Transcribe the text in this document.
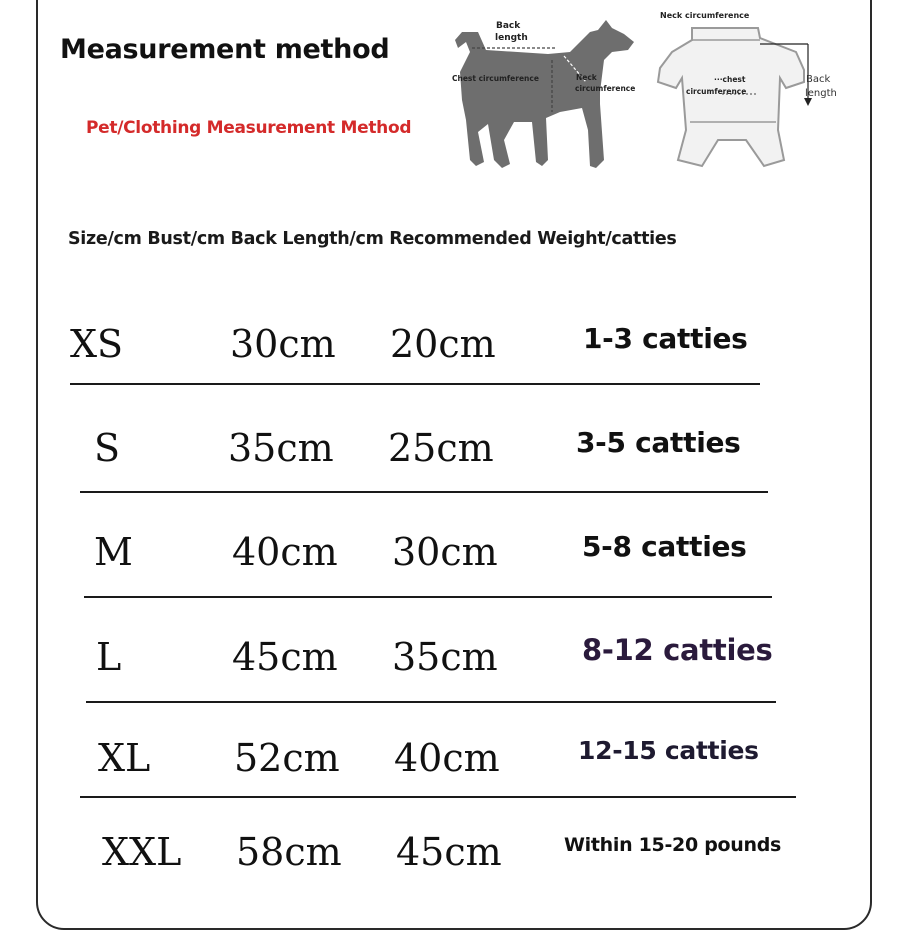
Measurement method
Pet/Clothing Measurement Method
Back
length
Chest circumference	Neck
circumference
Neck circumference
···chest
circumference
Back
length
Size/cm Bust/cm Back Length/cm Recommended Weight/catties
XS	30cm 20cm	1-3 catties
S	35cm 25cm	3-5 catties
M	40cm 30cm	5-8 catties
L	45cm 35cm	8-12 catties
XL 52cm 40cm	12-15 catties
XXL 58cm 45cm	Within 15-20 pounds
